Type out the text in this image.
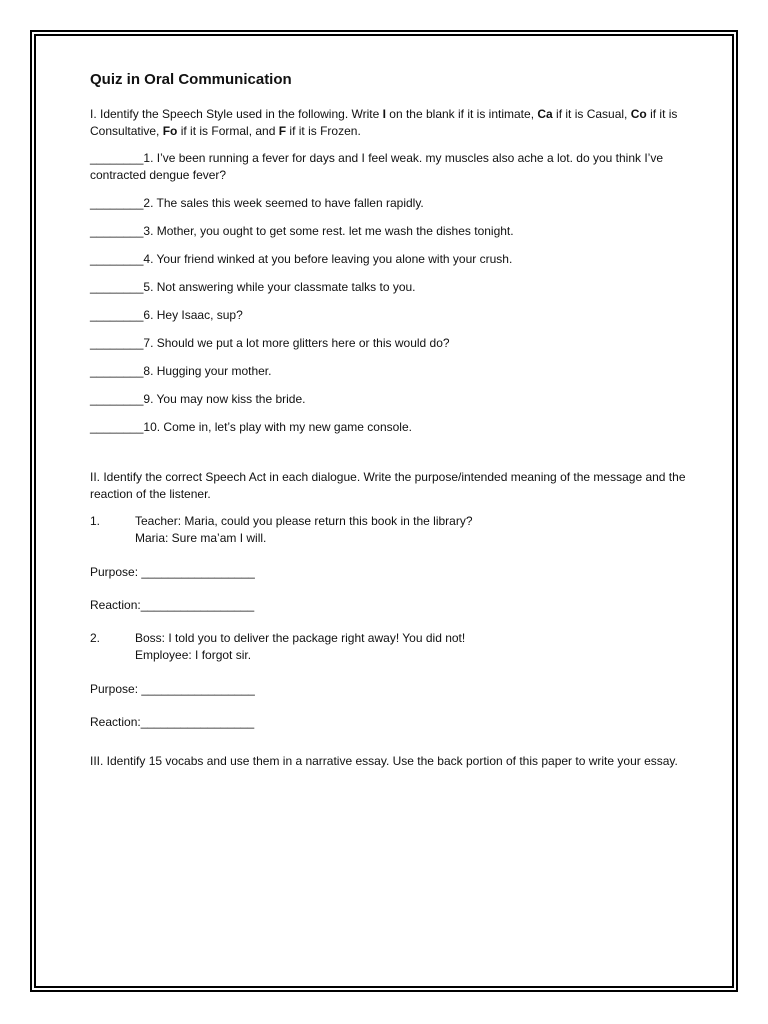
Quiz in Oral Communication
I. Identify the Speech Style used in the following. Write I on the blank if it is intimate, Ca if it is Casual, Co if it is Consultative, Fo if it is Formal, and F if it is Frozen.
________1. I’ve been running a fever for days and I feel weak. my muscles also ache a lot. do you think I’ve contracted dengue fever?
________2. The sales this week seemed to have fallen rapidly.
________3. Mother, you ought to get some rest. let me wash the dishes tonight.
________4. Your friend winked at you before leaving you alone with your crush.
________5. Not answering while your classmate talks to you.
________6. Hey Isaac, sup?
________7. Should we put a lot more glitters here or this would do?
________8. Hugging your mother.
________9. You may now kiss the bride.
________10. Come in, let’s play with my new game console.
II. Identify the correct Speech Act in each dialogue. Write the purpose/intended meaning of the message and the reaction of the listener.
1.	Teacher: Maria, could you please return this book in the library?
Maria: Sure ma’am I will.
Purpose: _________________
Reaction:_________________
2.	Boss: I told you to deliver the package right away! You did not!
Employee: I forgot sir.
Purpose: _________________
Reaction:_________________
III. Identify 15 vocabs and use them in a narrative essay. Use the back portion of this paper to write your essay.
